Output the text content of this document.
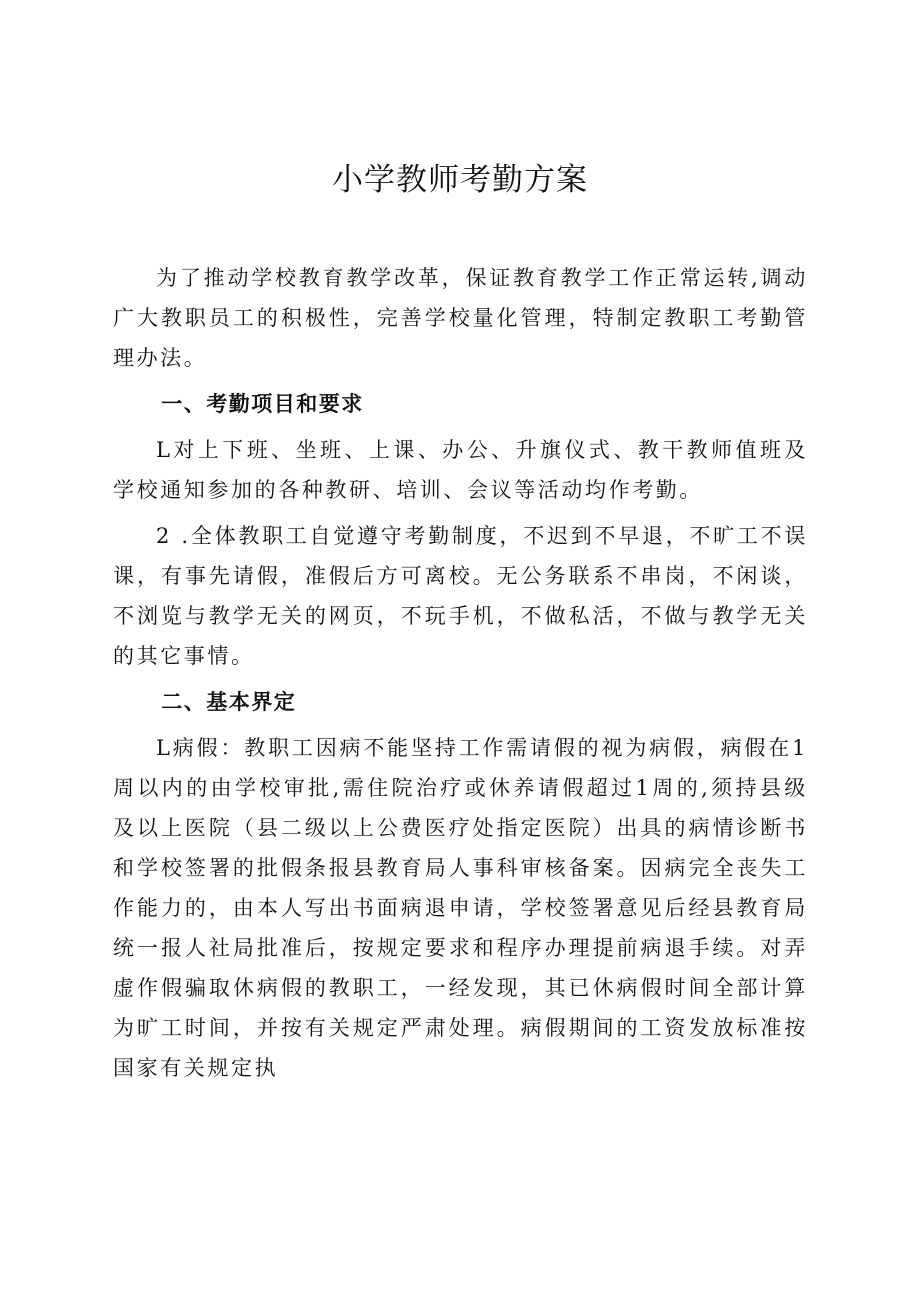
小学教师考勤方案

为了推动学校教育教学改革，保证教育教学工作正常运转,调动广大教职员工的积极性，完善学校量化管理，特制定教职工考勤管理办法。

一、考勤项目和要求

L对上下班、坐班、上课、办公、升旗仪式、教干教师值班及学校通知参加的各种教研、培训、会议等活动均作考勤。

2 .全体教职工自觉遵守考勤制度，不迟到不早退，不旷工不误课，有事先请假，准假后方可离校。无公务联系不串岗，不闲谈，不浏览与教学无关的网页，不玩手机，不做私活，不做与教学无关的其它事情。

二、基本界定

L病假：教职工因病不能坚持工作需请假的视为病假，病假在1周以内的由学校审批,需住院治疗或休养请假超过1周的,须持县级及以上医院（县二级以上公费医疗处指定医院）出具的病情诊断书和学校签署的批假条报县教育局人事科审核备案。因病完全丧失工作能力的，由本人写出书面病退申请，学校签署意见后经县教育局统一报人社局批准后，按规定要求和程序办理提前病退手续。对弄虚作假骗取休病假的教职工，一经发现，其已休病假时间全部计算为旷工时间，并按有关规定严肃处理。病假期间的工资发放标准按国家有关规定执
